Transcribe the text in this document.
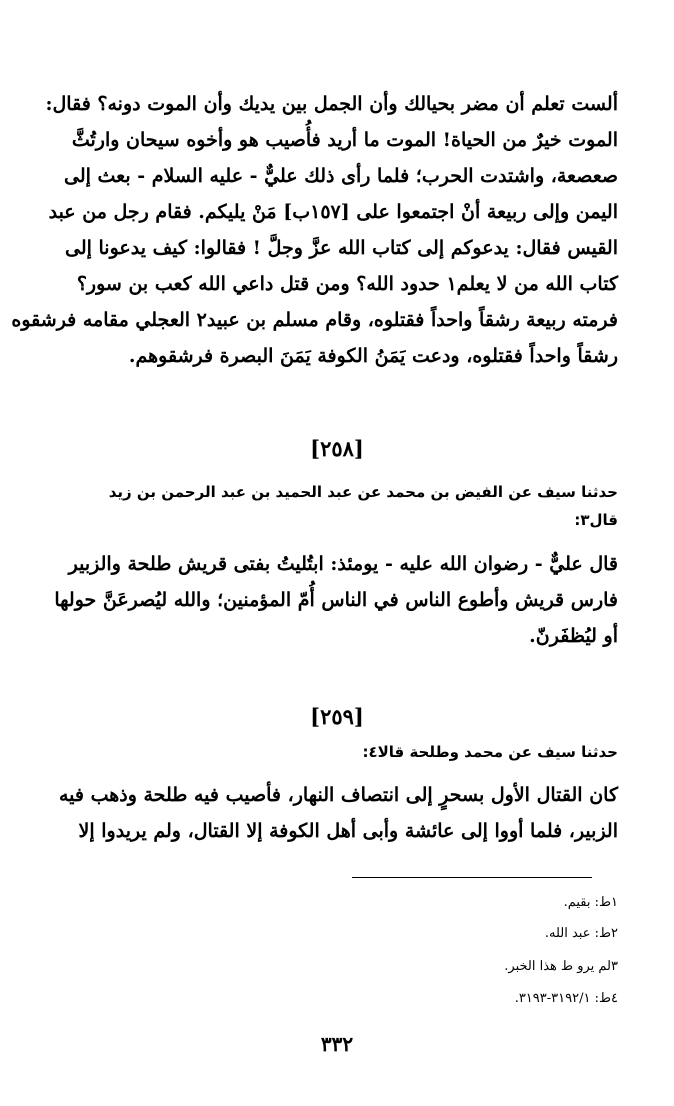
ألست تعلم أن مضر بحيالك وأن الجمل بين يديك وأن الموت دونه؟ فقال:
الموت خيرٌ من الحياة! الموت ما أريد فأُصيب هو وأخوه سيحان وارتُثَّ
صعصعة، واشتدت الحرب؛ فلما رأى ذلك عليٌّ - عليه السلام - بعث إلى
اليمن وإلى ربيعة أنْ اجتمعوا على [١٥٧ب] مَنْ يليكم. فقام رجل من عبد
القيس فقال: يدعوكم إلى كتاب الله عزَّ وجلَّ ! فقالوا: كيف يدعونا إلى
كتاب الله من لا يعلم١ حدود الله؟ ومن قتل داعي الله كعب بن سور؟
فرمته ربيعة رشقاً واحداً فقتلوه، وقام مسلم بن عبيد٢ العجلي مقامه فرشقوه
رشقاً واحداً فقتلوه، ودعت يَمَنُ الكوفة يَمَنَ البصرة فرشقوهم.
[٢٥٨]
حدثنا سيف عن الفيض بن محمد عن عبد الحميد بن عبد الرحمن بن زيد
قال٣:
قال عليٌّ - رضوان الله عليه - يومئذ: ابتُليتُ بفتى قريش طلحة والزبير
فارس قريش وأطوع الناس في الناس أُمّ المؤمنين؛ والله ليُصرعَنَّ حولها
أو ليُظفَرنّ.
[٢٥٩]
حدثنا سيف عن محمد وطلحة قالا٤:
كان القتال الأول بسحرٍ إلى انتصاف النهار، فأصيب فيه طلحة وذهب فيه
الزبير، فلما أووا إلى عائشة وأبى أهل الكوفة إلا القتال، ولم يريدوا إلا
١ط: بقيم.
٢ط: عبد الله.
٣لم يرو ط هذا الخبر.
٤ط: ٣١٩٢/١-٣١٩٣.
٣٣٢
